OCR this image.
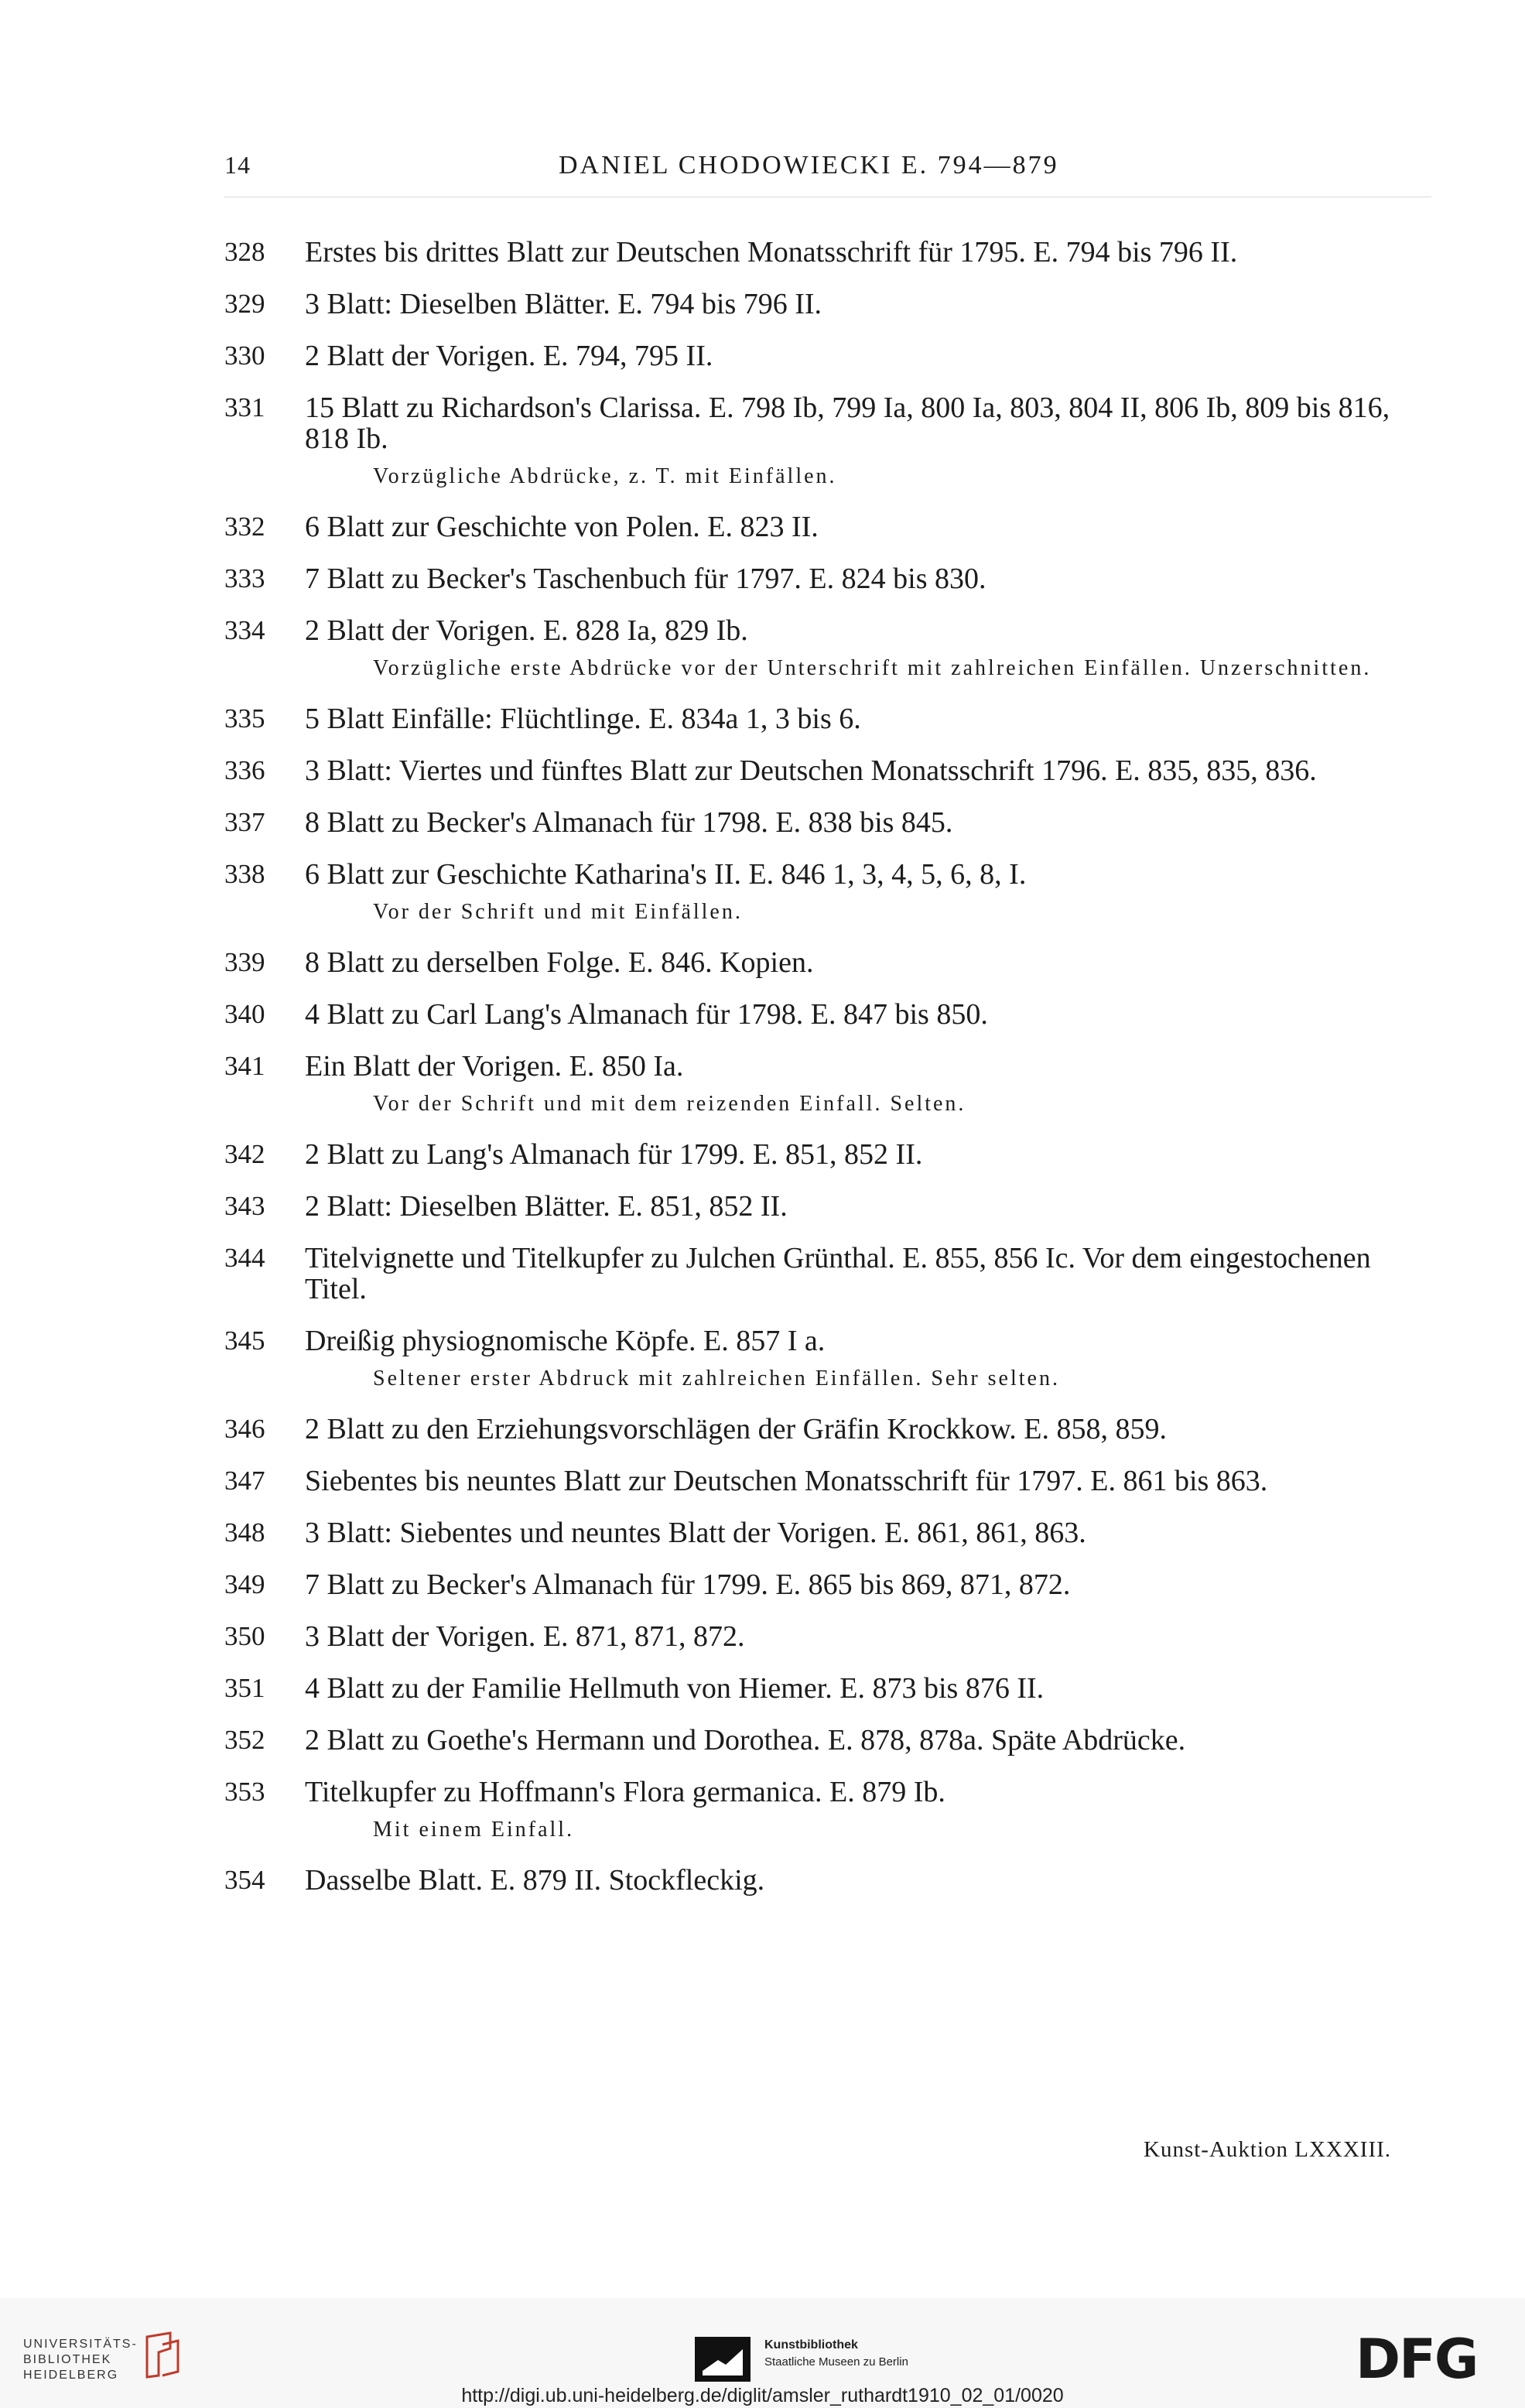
14	DANIEL CHODOWIECKI E. 794—879
328 Erstes bis drittes Blatt zur Deutschen Monatsschrift für 1795. E. 794 bis 796 II.
329 3 Blatt: Dieselben Blätter. E. 794 bis 796 II.
330 2 Blatt der Vorigen. E. 794, 795 II.
331 15 Blatt zu Richardson's Clarissa. E. 798 Ib, 799 Ia, 800 Ia, 803, 804 II, 806 Ib, 809 bis 816, 818 Ib.
Vorzügliche Abdrücke, z. T. mit Einfällen.
332 6 Blatt zur Geschichte von Polen. E. 823 II.
333 7 Blatt zu Becker's Taschenbuch für 1797. E. 824 bis 830.
334 2 Blatt der Vorigen. E. 828 Ia, 829 Ib.
Vorzügliche erste Abdrücke vor der Unterschrift mit zahlreichen Einfällen. Unzerschnitten.
335 5 Blatt Einfälle: Flüchtlinge. E. 834a 1, 3 bis 6.
336 3 Blatt: Viertes und fünftes Blatt zur Deutschen Monatsschrift 1796. E. 835, 835, 836.
337 8 Blatt zu Becker's Almanach für 1798. E. 838 bis 845.
338 6 Blatt zur Geschichte Katharina's II. E. 846 1, 3, 4, 5, 6, 8, I.
Vor der Schrift und mit Einfällen.
339 8 Blatt zu derselben Folge. E. 846. Kopien.
340 4 Blatt zu Carl Lang's Almanach für 1798. E. 847 bis 850.
341 Ein Blatt der Vorigen. E. 850 Ia.
Vor der Schrift und mit dem reizenden Einfall. Selten.
342 2 Blatt zu Lang's Almanach für 1799. E. 851, 852 II.
343 2 Blatt: Dieselben Blätter. E. 851, 852 II.
344 Titelvignette und Titelkupfer zu Julchen Grünthal. E. 855, 856 Ic. Vor dem eingestochenen Titel.
345 Dreißig physiognomische Köpfe. E. 857 I a.
Seltener erster Abdruck mit zahlreichen Einfällen. Sehr selten.
346 2 Blatt zu den Erziehungsvorschlägen der Gräfin Krockkow. E. 858, 859.
347 Siebentes bis neuntes Blatt zur Deutschen Monatsschrift für 1797. E. 861 bis 863.
348 3 Blatt: Siebentes und neuntes Blatt der Vorigen. E. 861, 861, 863.
349 7 Blatt zu Becker's Almanach für 1799. E. 865 bis 869, 871, 872.
350 3 Blatt der Vorigen. E. 871, 871, 872.
351 4 Blatt zu der Familie Hellmuth von Hiemer. E. 873 bis 876 II.
352 2 Blatt zu Goethe's Hermann und Dorothea. E. 878, 878a. Späte Abdrücke.
353 Titelkupfer zu Hoffmann's Flora germanica. E. 879 Ib.
Mit einem Einfall.
354 Dasselbe Blatt. E. 879 II. Stockfleckig.
Kunst-Auktion LXXXIII.
UNIVERSITÄTS-
BIBLIOTHEK
HEIDELBERG
Kunstbibliothek
Staatliche Museen zu Berlin	DFG
http://digi.ub.uni-heidelberg.de/diglit/amsler_ruthardt1910_02_01/0020
